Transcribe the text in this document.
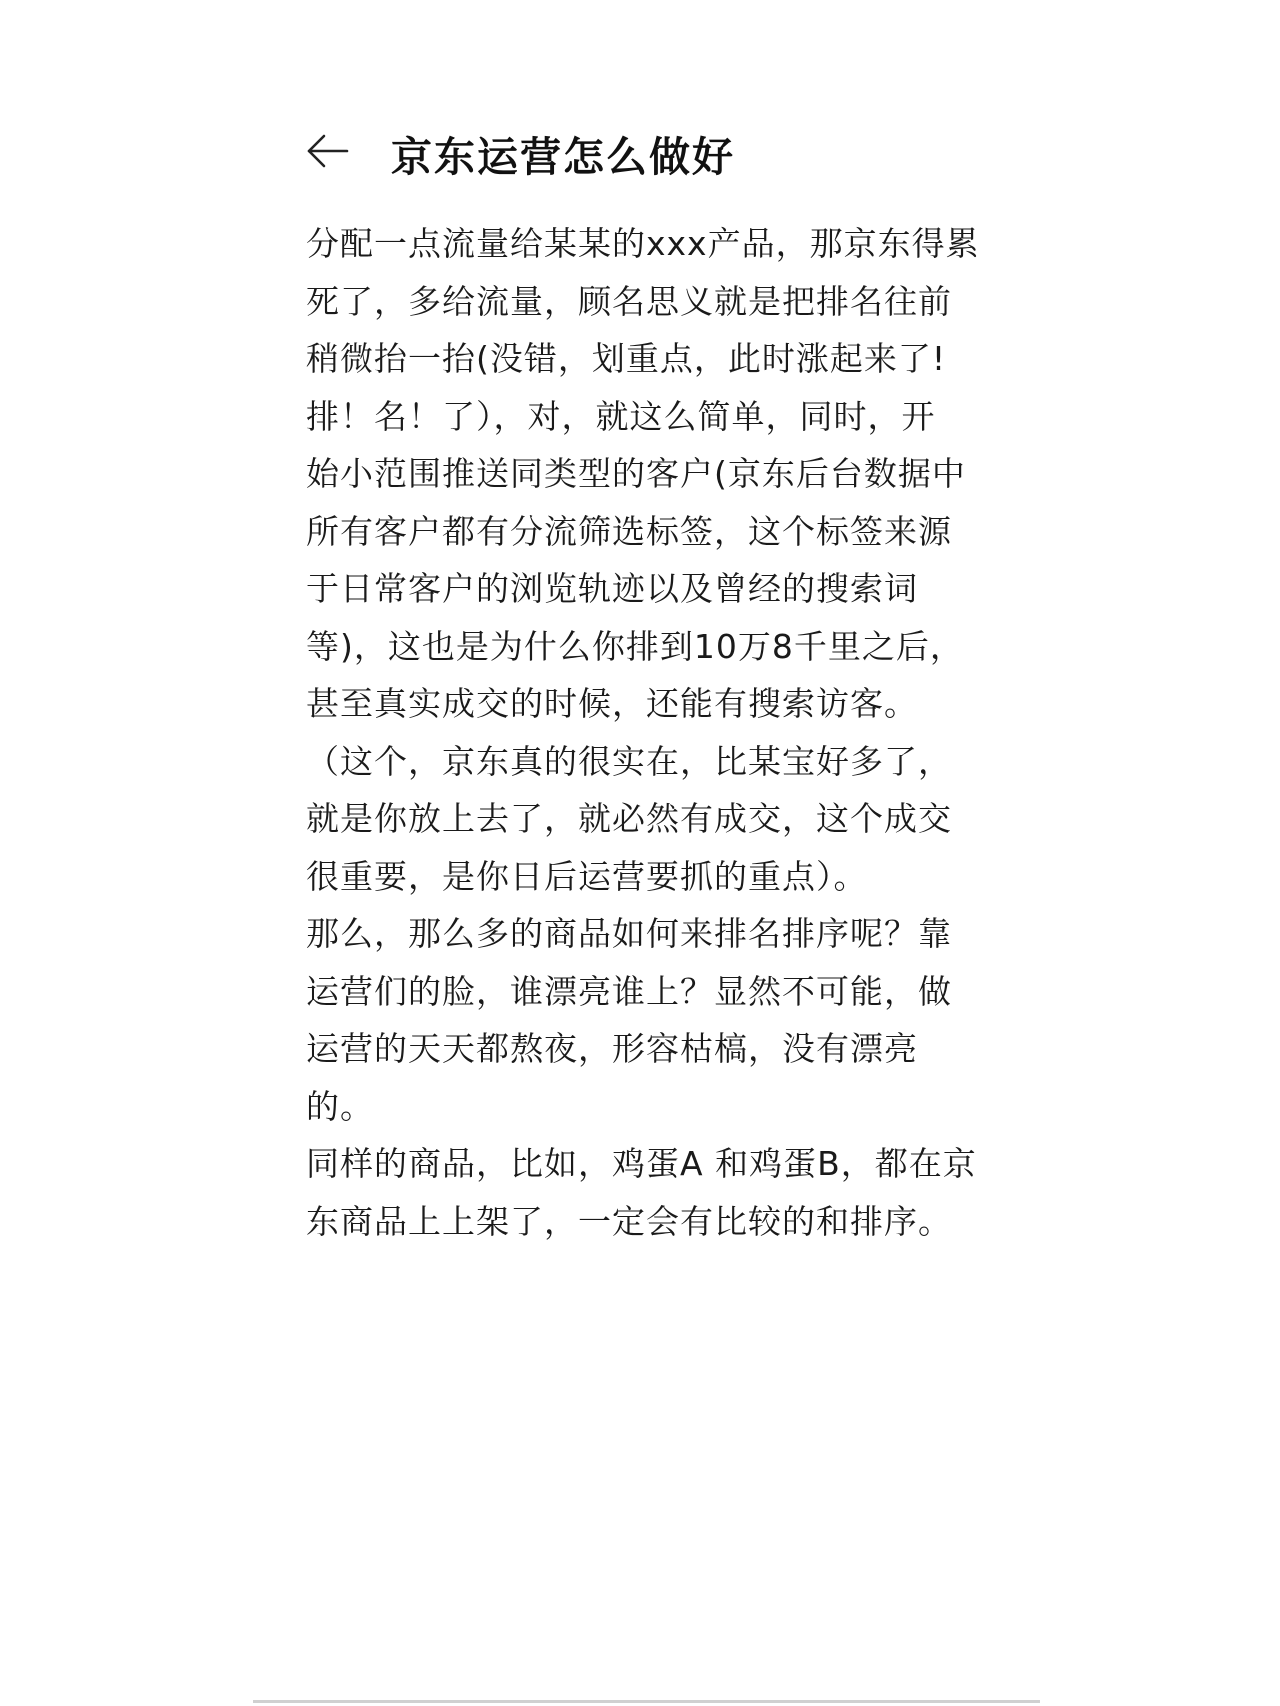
京东运营怎么做好
分配一点流量给某某的xxx产品，那京东得累
死了，多给流量，顾名思义就是把排名往前
稍微抬一抬(没错，划重点，此时涨起来了!
排！名！了），对，就这么简单，同时，开
始小范围推送同类型的客户(京东后台数据中
所有客户都有分流筛选标签，这个标签来源
于日常客户的浏览轨迹以及曾经的搜索词
等)，这也是为什么你排到10万8千里之后，
甚至真实成交的时候，还能有搜索访客。
（这个，京东真的很实在，比某宝好多了，
就是你放上去了，就必然有成交，这个成交
很重要，是你日后运营要抓的重点）。
那么，那么多的商品如何来排名排序呢？靠
运营们的脸，谁漂亮谁上？显然不可能，做
运营的天天都熬夜，形容枯槁，没有漂亮
的。
同样的商品，比如，鸡蛋A 和鸡蛋B，都在京
东商品上上架了，一定会有比较的和排序。
